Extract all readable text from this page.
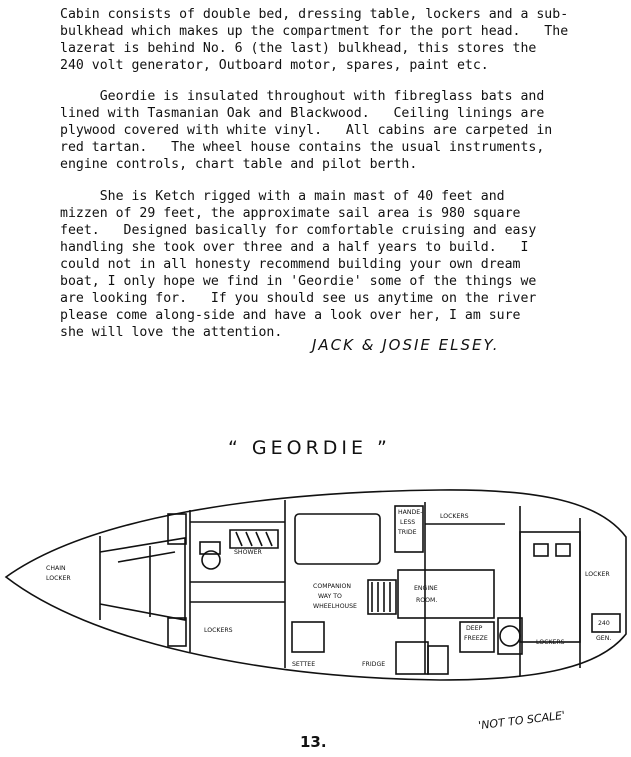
Cabin consists of double bed, dressing table, lockers and a sub-
bulkhead which makes up the compartment for the port head.   The
lazerat is behind No. 6 (the last) bulkhead, this stores the
240 volt generator, Outboard motor, spares, paint etc.
Geordie is insulated throughout with fibreglass bats and
lined with Tasmanian Oak and Blackwood.   Ceiling linings are
plywood covered with white vinyl.   All cabins are carpeted in
red tartan.   The wheel house contains the usual instruments,
engine controls, chart table and pilot berth.
She is Ketch rigged with a main mast of 40 feet and
mizzen of 29 feet, the approximate sail area is 980 square
feet.   Designed basically for comfortable cruising and easy
handling she took over three and a half years to build.   I
could not in all honesty recommend building your own dream
boat, I only hope we find in 'Geordie' some of the things we
are looking for.   If you should see us anytime on the river
please come along-side and have a look over her, I am sure
she will love the attention.
JACK & JOSIE ELSEY.
“ GEORDIE ”
CHAIN
LOCKER
SHOWER
LOCKERS
COMPANION
WAY TO
WHEELHOUSE
ENGINE
ROOM.
HANDE-
LESS
TRIDE
LOCKERS
LOCKERS
DEEP
FREEZE
SETTEE	FRIDGE
LOCKER
240
GEN.
'NOT TO SCALE'
13.
